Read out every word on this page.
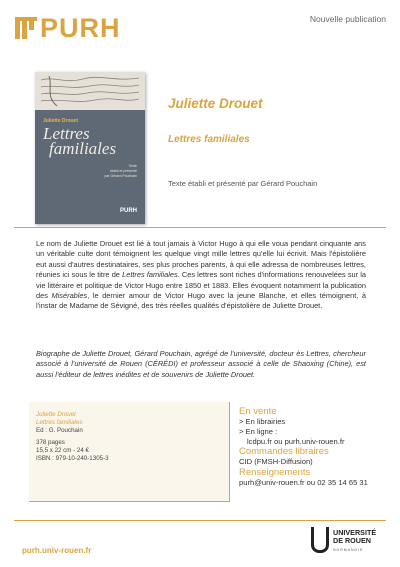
PURH	Nouvelle publication
Juliette Drouet
Lettres
familiales
Texte
établi et présenté
par Gérard Pouchain
PURH
Juliette Drouet
Lettres familiales
Texte établi et présenté par Gérard Pouchain

Le nom de Juliette Drouet est lié à tout jamais à Victor Hugo à qui elle voua pendant cinquante ans un véritable culte dont témoignent les quelque vingt mille lettres qu'elle lui écrivit. Mais l'épistolière eut aussi d'autres destinataires, ses plus proches parents, à qui elle adressa de nombreuses lettres, réunies ici sous le titre de Lettres familiales. Ces lettres sont riches d'informations renouvelées sur la vie littéraire et politique de Victor Hugo entre 1850 et 1883. Elles évoquent notamment la publication des Misérables, le dernier amour de Victor Hugo avec la jeune Blanche, et elles témoignent, à l'instar de Madame de Sévigné, des très réelles qualités d'épistolière de Juliette Drouet.

Biographe de Juliette Drouet, Gérard Pouchain, agrégé de l'université, docteur ès Lettres, chercheur associé à l'université de Rouen (CÉRÉDI) et professeur associé à celle de Shaoxing (Chine), est aussi l'éditeur de lettres inédites et de souvenirs de Juliette Drouet.

Juliette Drouet
Lettres familiales
Ed : G. Pouchain
378 pages
15,5 x 22 cm - 24 €
ISBN : 979-10-240-1305-3
En vente
> En librairies
> En ligne :
lcdpu.fr ou purh.univ-rouen.fr
Commandes libraires
CID (FMSH-Diffusion)
Renseignements
purh@univ-rouen.fr ou 02 35 14 65 31
purh.univ-rouen.fr
UNIVERSITÉ
DE ROUEN
NORMANDIE
